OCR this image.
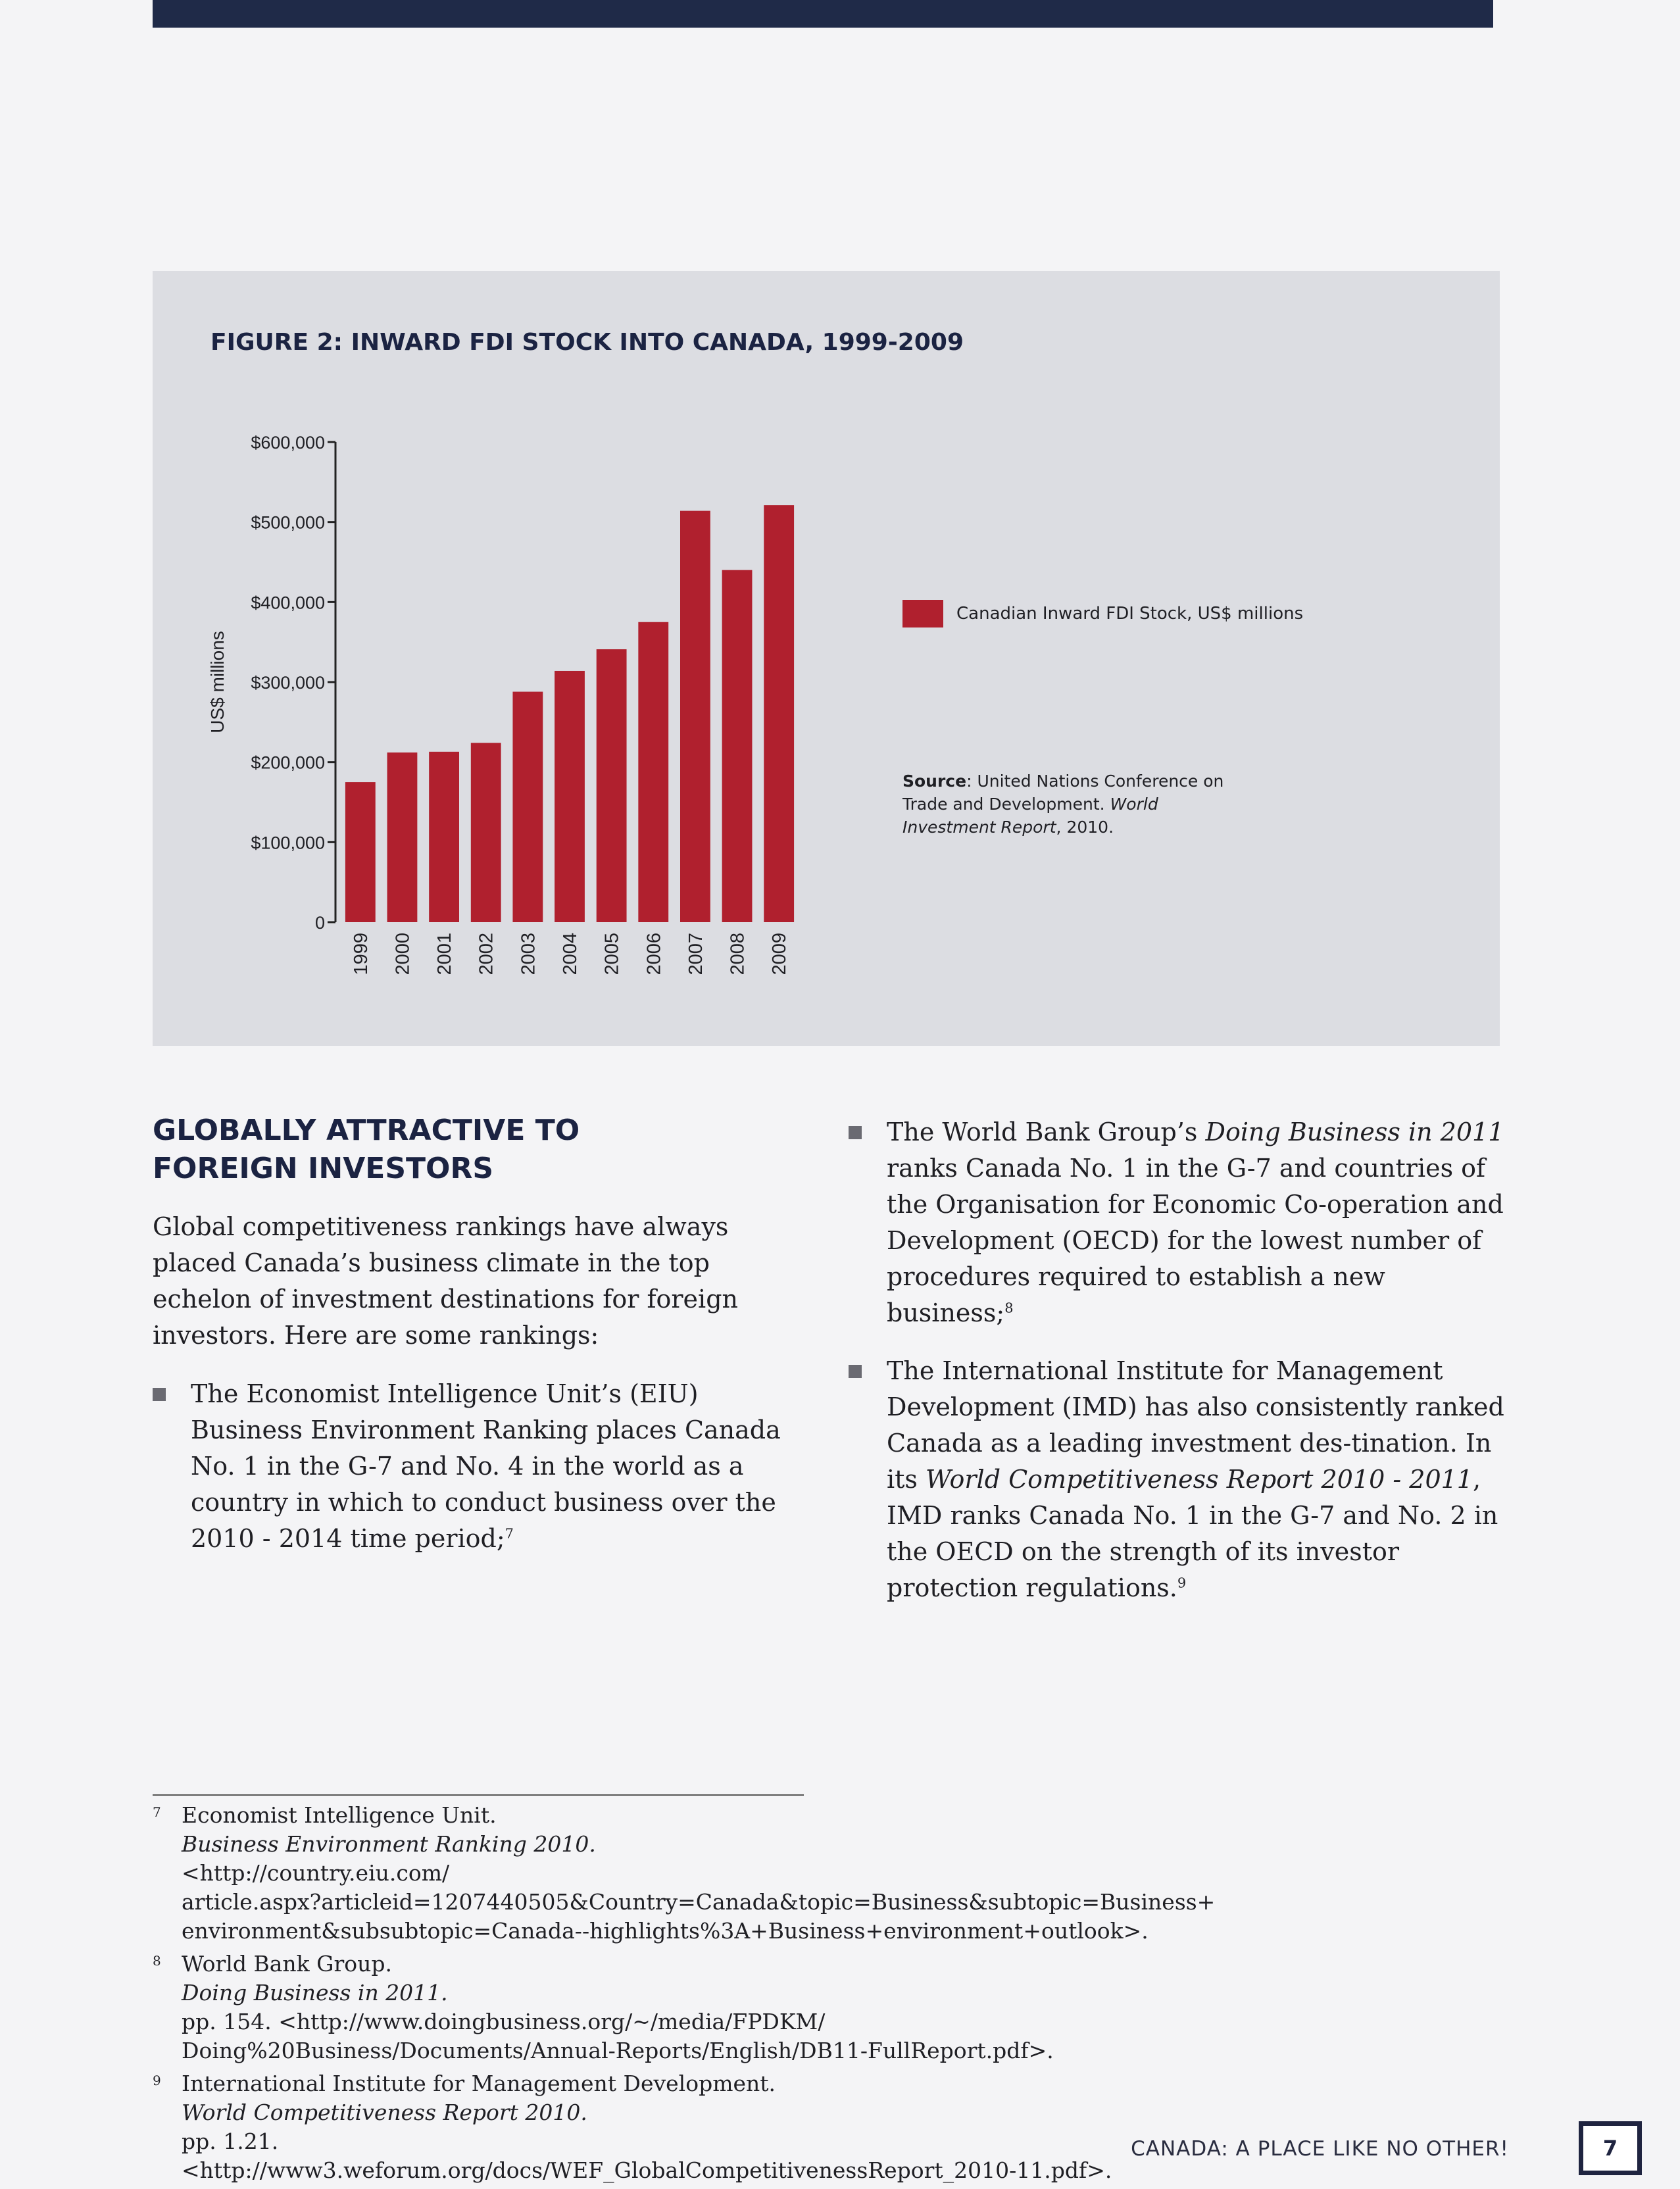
FIGURE 2: INWARD FDI STOCK INTO CANADA, 1999-2009
0
$100,000
$200,000
$300,000
$400,000
$500,000
$600,000
US$ millions
1999 2000 2001 2002 2003 2004 2005 2006 2007 2008 2009
Canadian Inward FDI Stock, US$ millions

Source: United Nations Conference on Trade and Development. World Investment Report, 2010.

GLOBALLY ATTRACTIVE TO
FOREIGN INVESTORS

Global competitiveness rankings have always placed Canada’s business climate in the top echelon of investment destinations for foreign investors. Here are some rankings:

The Economist Intelligence Unit’s (EIU) Business Environment Ranking places Canada No. 1 in the G-7 and No. 4 in the world as a country in which to conduct business over the 2010 - 2014 time period;$^7$

The World Bank Group’s Doing Business in 2011 ranks Canada No. 1 in the G-7 and countries of the Organisation for Economic Co-operation and Development (OECD) for the lowest number of procedures required to establish a new business;$^8$

The International Institute for Management Development (IMD) has also consistently ranked Canada as a leading investment des-tination. In its World Competitiveness Report 2010 - 2011, IMD ranks Canada No. 1 in the G-7 and No. 2 in the OECD on the strength of its investor protection regulations.$^9$

7 Economist Intelligence Unit.
Business Environment Ranking 2010.
<http://country.eiu.com/
article.aspx?articleid=1207440505&Country=Canada&topic=Business&subtopic=Business+
environment&subsubtopic=Canada--highlights%3A+Business+environment+outlook>.
8 World Bank Group.
Doing Business in 2011.
pp. 154. <http://www.doingbusiness.org/~/media/FPDKM/
Doing%20Business/Documents/Annual-Reports/English/DB11-FullReport.pdf>.
9 International Institute for Management Development.
World Competitiveness Report 2010.
pp. 1.21.
<http://www3.weforum.org/docs/WEF_GlobalCompetitivenessReport_2010-11.pdf>.
CANADA: A PLACE LIKE NO OTHER!	7
